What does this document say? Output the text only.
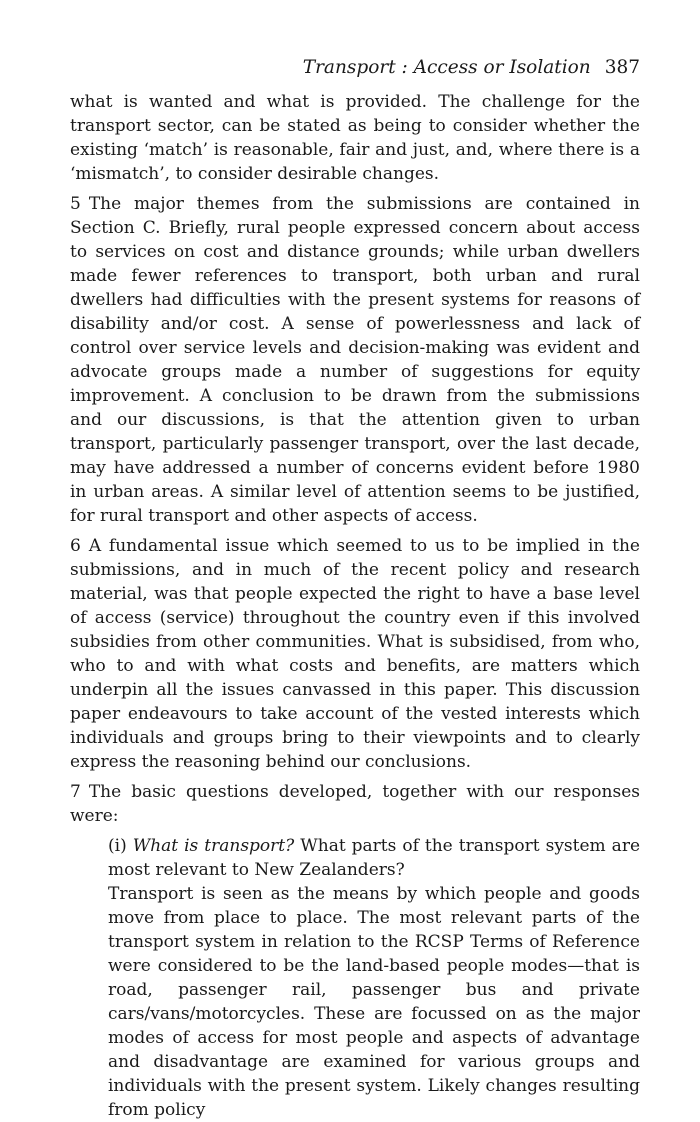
Transport : Access or Isolation 387

what is wanted and what is provided. The challenge for the transport sector, can be stated as being to consider whether the existing ‘match’ is reasonable, fair and just, and, where there is a ‘mismatch’, to consider desirable changes.

5 The major themes from the submissions are contained in Section C. Briefly, rural people expressed concern about access to services on cost and distance grounds; while urban dwellers made fewer references to transport, both urban and rural dwellers had difficulties with the present systems for reasons of disability and/or cost. A sense of powerlessness and lack of control over service levels and decision-making was evident and advocate groups made a number of suggestions for equity improvement. A conclusion to be drawn from the submissions and our discussions, is that the attention given to urban transport, particularly passenger transport, over the last decade, may have addressed a number of concerns evident before 1980 in urban areas. A similar level of attention seems to be justified, for rural transport and other aspects of access.

6 A fundamental issue which seemed to us to be implied in the submissions, and in much of the recent policy and research material, was that people expected the right to have a base level of access (service) throughout the country even if this involved subsidies from other communities. What is subsidised, from who, who to and with what costs and benefits, are matters which underpin all the issues canvassed in this paper. This discussion paper endeavours to take account of the vested interests which individuals and groups bring to their viewpoints and to clearly express the reasoning behind our conclusions.

7 The basic questions developed, together with our responses were:

(i) What is transport? What parts of the transport system are most relevant to New Zealanders?

Transport is seen as the means by which people and goods move from place to place. The most relevant parts of the transport system in relation to the RCSP Terms of Reference were considered to be the land-based people modes—that is road, passenger rail, passenger bus and private cars/vans/motorcycles. These are focussed on as the major modes of access for most people and aspects of advantage and disadvantage are examined for various groups and individuals with the present system. Likely changes resulting from policy
